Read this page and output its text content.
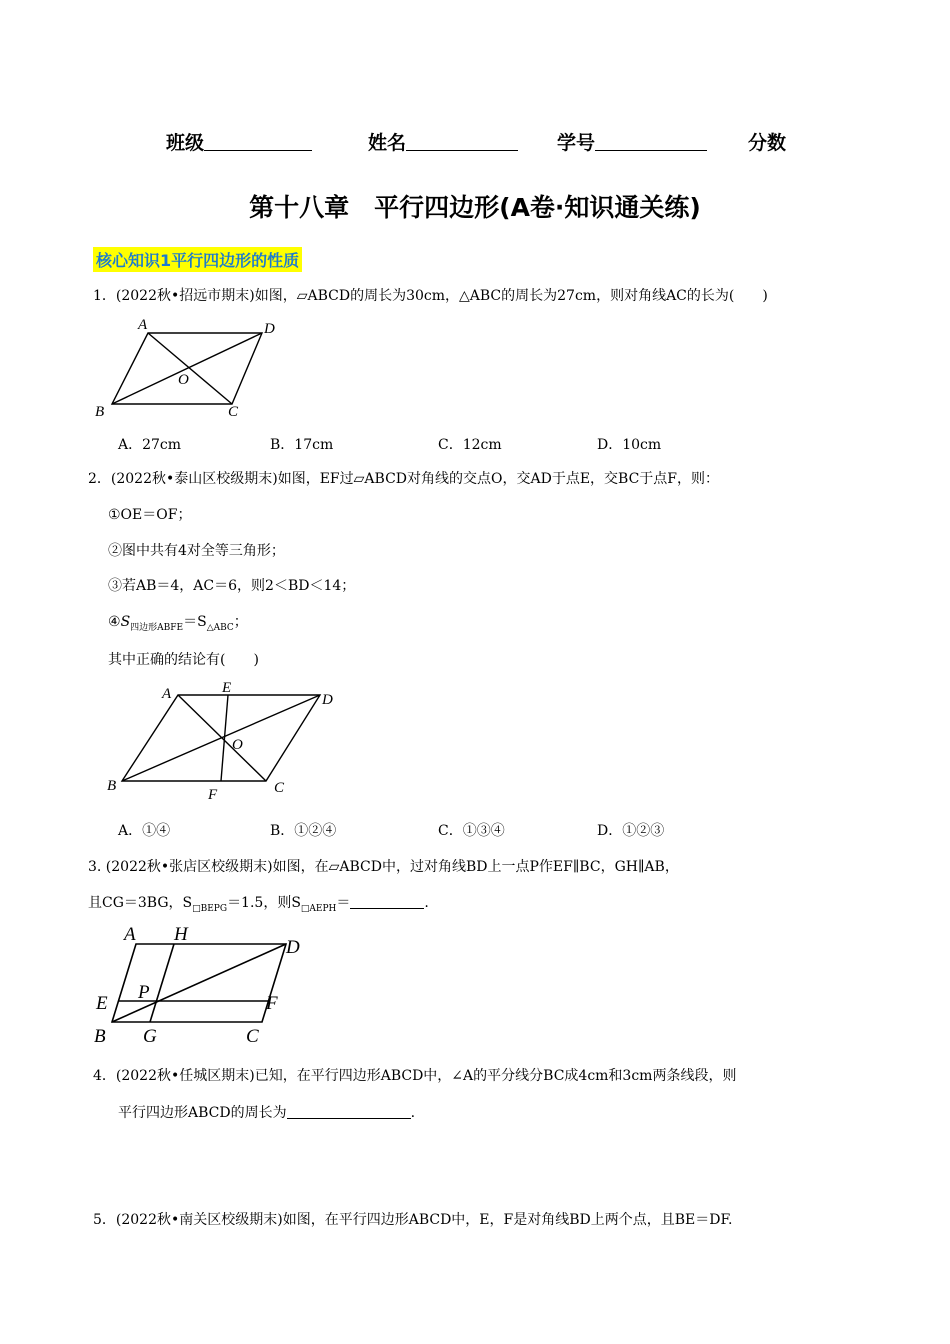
班级	姓名	学号	分数
第十八章　平行四边形(A卷·知识通关练)
核心知识1平行四边形的性质
1．(2022秋•招远市期末)如图，▱ABCD的周长为30cm，△ABC的周长为27cm，则对角线AC的长为(　　)
A	D
B	C
O
A．27cm	B．17cm	C．12cm	D．10cm
2．(2022秋•泰山区校级期末)如图，EF过▱ABCD对角线的交点O，交AD于点E，交BC于点F，则：
①OE＝OF；
②图中共有4对全等三角形；
③若AB＝4，AC＝6，则2＜BD＜14；
$④S_{四边形ABFE}=S_{\triangle ABC}$；
其中正确的结论有(　　)
A	E
D
B
F	C
O
A．①④	B．①②④	C．①③④	D．①②③
3. (2022秋•张店区校级期末)如图，在▱ABCD中，过对角线BD上一点P作EF∥BC，GH∥AB，
且CG＝3BG，$S_{□BEPG}=1.5$，则$S_{□AEPH}=$	.
A H
D
E
P
F
B G	C
4．(2022秋•任城区期末)已知，在平行四边形ABCD中，∠A的平分线分BC成4cm和3cm两条线段，则
平行四边形ABCD的周长为	.
5．(2022秋•南关区校级期末)如图，在平行四边形ABCD中，E，F是对角线BD上两个点，且BE＝DF.
